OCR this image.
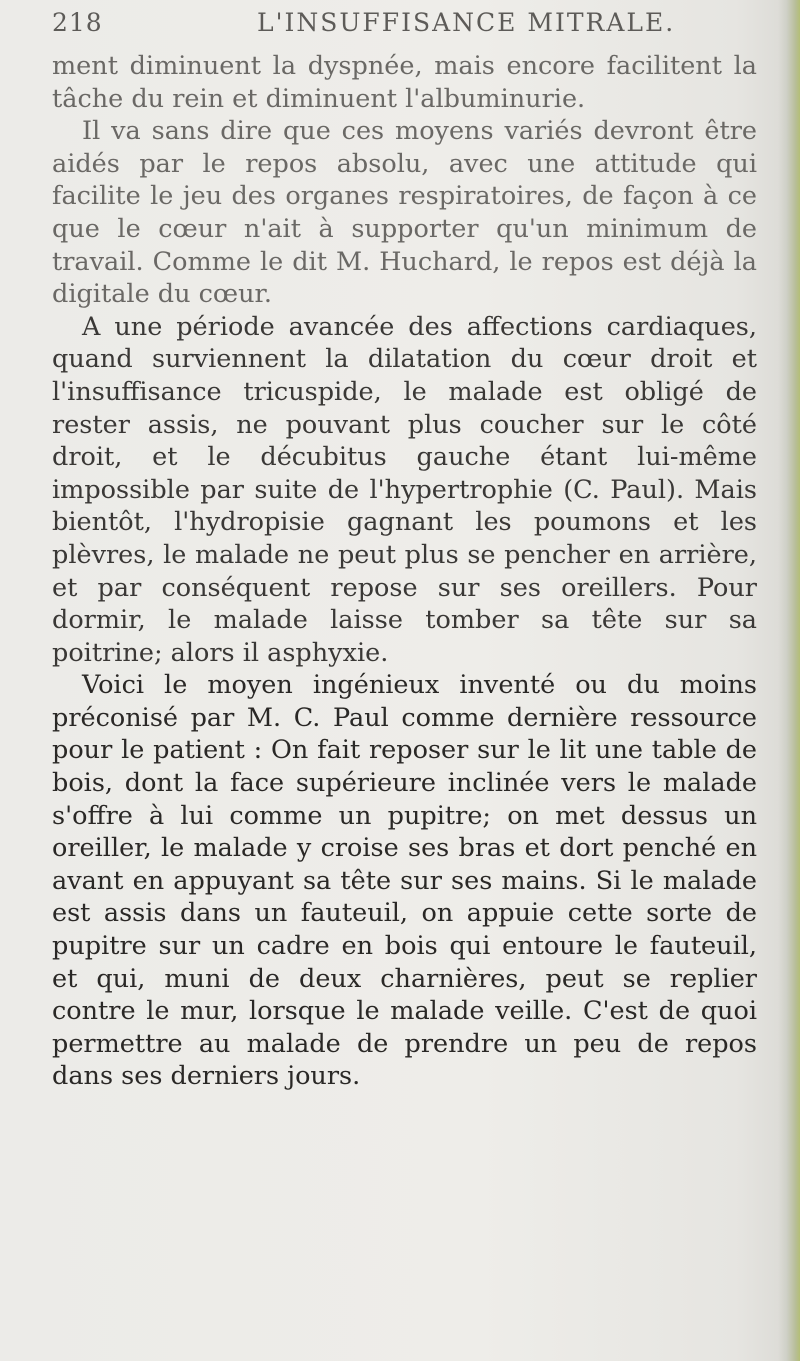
218	L'INSUFFISANCE MITRALE.

ment diminuent la dyspnée, mais encore facilitent la tâche du rein et diminuent l'albuminurie.

Il va sans dire que ces moyens variés devront être aidés par le repos absolu, avec une attitude qui facilite le jeu des organes respiratoires, de façon à ce que le cœur n'ait à supporter qu'un minimum de travail. Comme le dit M. Huchard, le repos est déjà la digitale du cœur.

A une période avancée des affections cardiaques, quand surviennent la dilatation du cœur droit et l'insuffisance tricuspide, le malade est obligé de rester assis, ne pouvant plus coucher sur le côté droit, et le décubitus gauche étant lui-même impossible par suite de l'hypertrophie (C. Paul). Mais bientôt, l'hydropisie gagnant les poumons et les plèvres, le malade ne peut plus se pencher en arrière, et par conséquent repose sur ses oreillers. Pour dormir, le malade laisse tomber sa tête sur sa poitrine; alors il asphyxie.

Voici le moyen ingénieux inventé ou du moins préconisé par M. C. Paul comme dernière ressource pour le patient : On fait reposer sur le lit une table de bois, dont la face supérieure inclinée vers le malade s'offre à lui comme un pupitre; on met dessus un oreiller, le malade y croise ses bras et dort penché en avant en appuyant sa tête sur ses mains. Si le malade est assis dans un fauteuil, on appuie cette sorte de pupitre sur un cadre en bois qui entoure le fauteuil, et qui, muni de deux charnières, peut se replier contre le mur, lorsque le malade veille. C'est de quoi permettre au malade de prendre un peu de repos dans ses derniers jours.
